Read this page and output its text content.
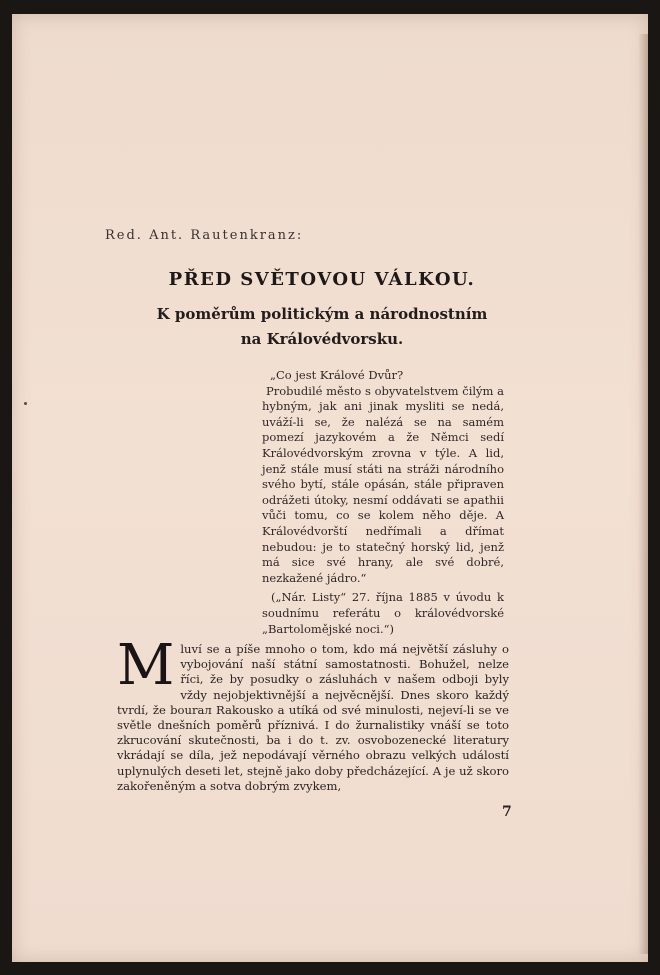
Red. Ant. Rautenkranz:
PŘED SVĚTOVOU VÁLKOU.
K poměrům politickým a národnostním
na Královédvorsku.

„Co jest Králové Dvůr?

Probudilé město s obyvatelstvem čilým a hybným, jak ani jinak mysliti se nedá, uváží-li se, že nalézá se na samém pomezí jazykovém a že Němci sedí Královédvorským zrovna v týle. A lid, jenž stále musí státi na stráži národního svého bytí, stále opásán, stále připraven odrážeti útoky, nesmí oddávati se apathii vůči tomu, co se kolem něho děje. A Královédvorští nedřímali a dřímat nebudou: je to statečný horský lid, jenž má sice své hrany, ale své dobré, nezkažené jádro.“

(„Nár. Listy“ 27. října 1885 v úvodu k soudnímu referátu o královédvorské „Bartolomějské noci.“)

M luví se a píše mnoho o tom, kdo má největší zásluhy o vybojování naší státní samostatnosti. Bohužel, nelze říci, že by posudky o zásluhách v našem odboji byly vždy nejobjektivnější a nejvěcnější. Dnes skoro každý tvrdí, že bourал Rakousko a utíká od své minulosti, nejeví-li se ve světle dnešních poměrů příznivá. I do žurnalistiky vnáší se toto zkrucování skutečnosti, ba i do t. zv. osvobozenecké literatury vkrádají se díla, jež nepodávají věrného obrazu velkých událostí uplynulých deseti let, stejně jako doby předcházející. A je už skoro zakořeněným a sotva dobrým zvykem,
7
